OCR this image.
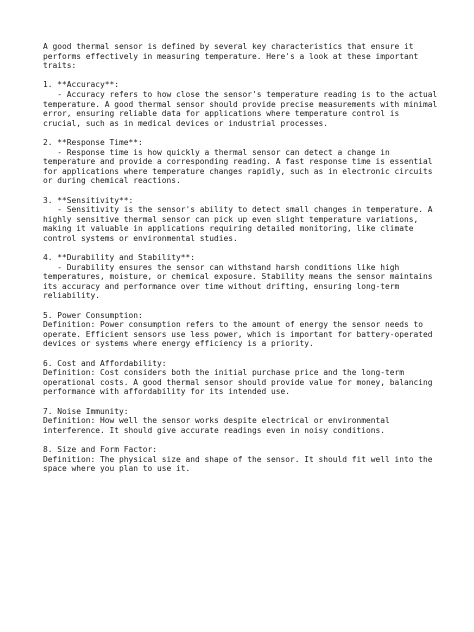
A good thermal sensor is defined by several key characteristics that ensure it
performs effectively in measuring temperature. Here's a look at these important
traits:
1. **Accuracy**:
- Accuracy refers to how close the sensor's temperature reading is to the actual
temperature. A good thermal sensor should provide precise measurements with minimal
error, ensuring reliable data for applications where temperature control is
crucial, such as in medical devices or industrial processes.
2. **Response Time**:
- Response time is how quickly a thermal sensor can detect a change in
temperature and provide a corresponding reading. A fast response time is essential
for applications where temperature changes rapidly, such as in electronic circuits
or during chemical reactions.
3. **Sensitivity**:
- Sensitivity is the sensor's ability to detect small changes in temperature. A
highly sensitive thermal sensor can pick up even slight temperature variations,
making it valuable in applications requiring detailed monitoring, like climate
control systems or environmental studies.
4. **Durability and Stability**:
- Durability ensures the sensor can withstand harsh conditions like high
temperatures, moisture, or chemical exposure. Stability means the sensor maintains
its accuracy and performance over time without drifting, ensuring long-term
reliability.
5. Power Consumption:
Definition: Power consumption refers to the amount of energy the sensor needs to
operate. Efficient sensors use less power, which is important for battery-operated
devices or systems where energy efficiency is a priority.
6. Cost and Affordability:
Definition: Cost considers both the initial purchase price and the long-term
operational costs. A good thermal sensor should provide value for money, balancing
performance with affordability for its intended use.
7. Noise Immunity:
Definition: How well the sensor works despite electrical or environmental
interference. It should give accurate readings even in noisy conditions.
8. Size and Form Factor:
Definition: The physical size and shape of the sensor. It should fit well into the
space where you plan to use it.
